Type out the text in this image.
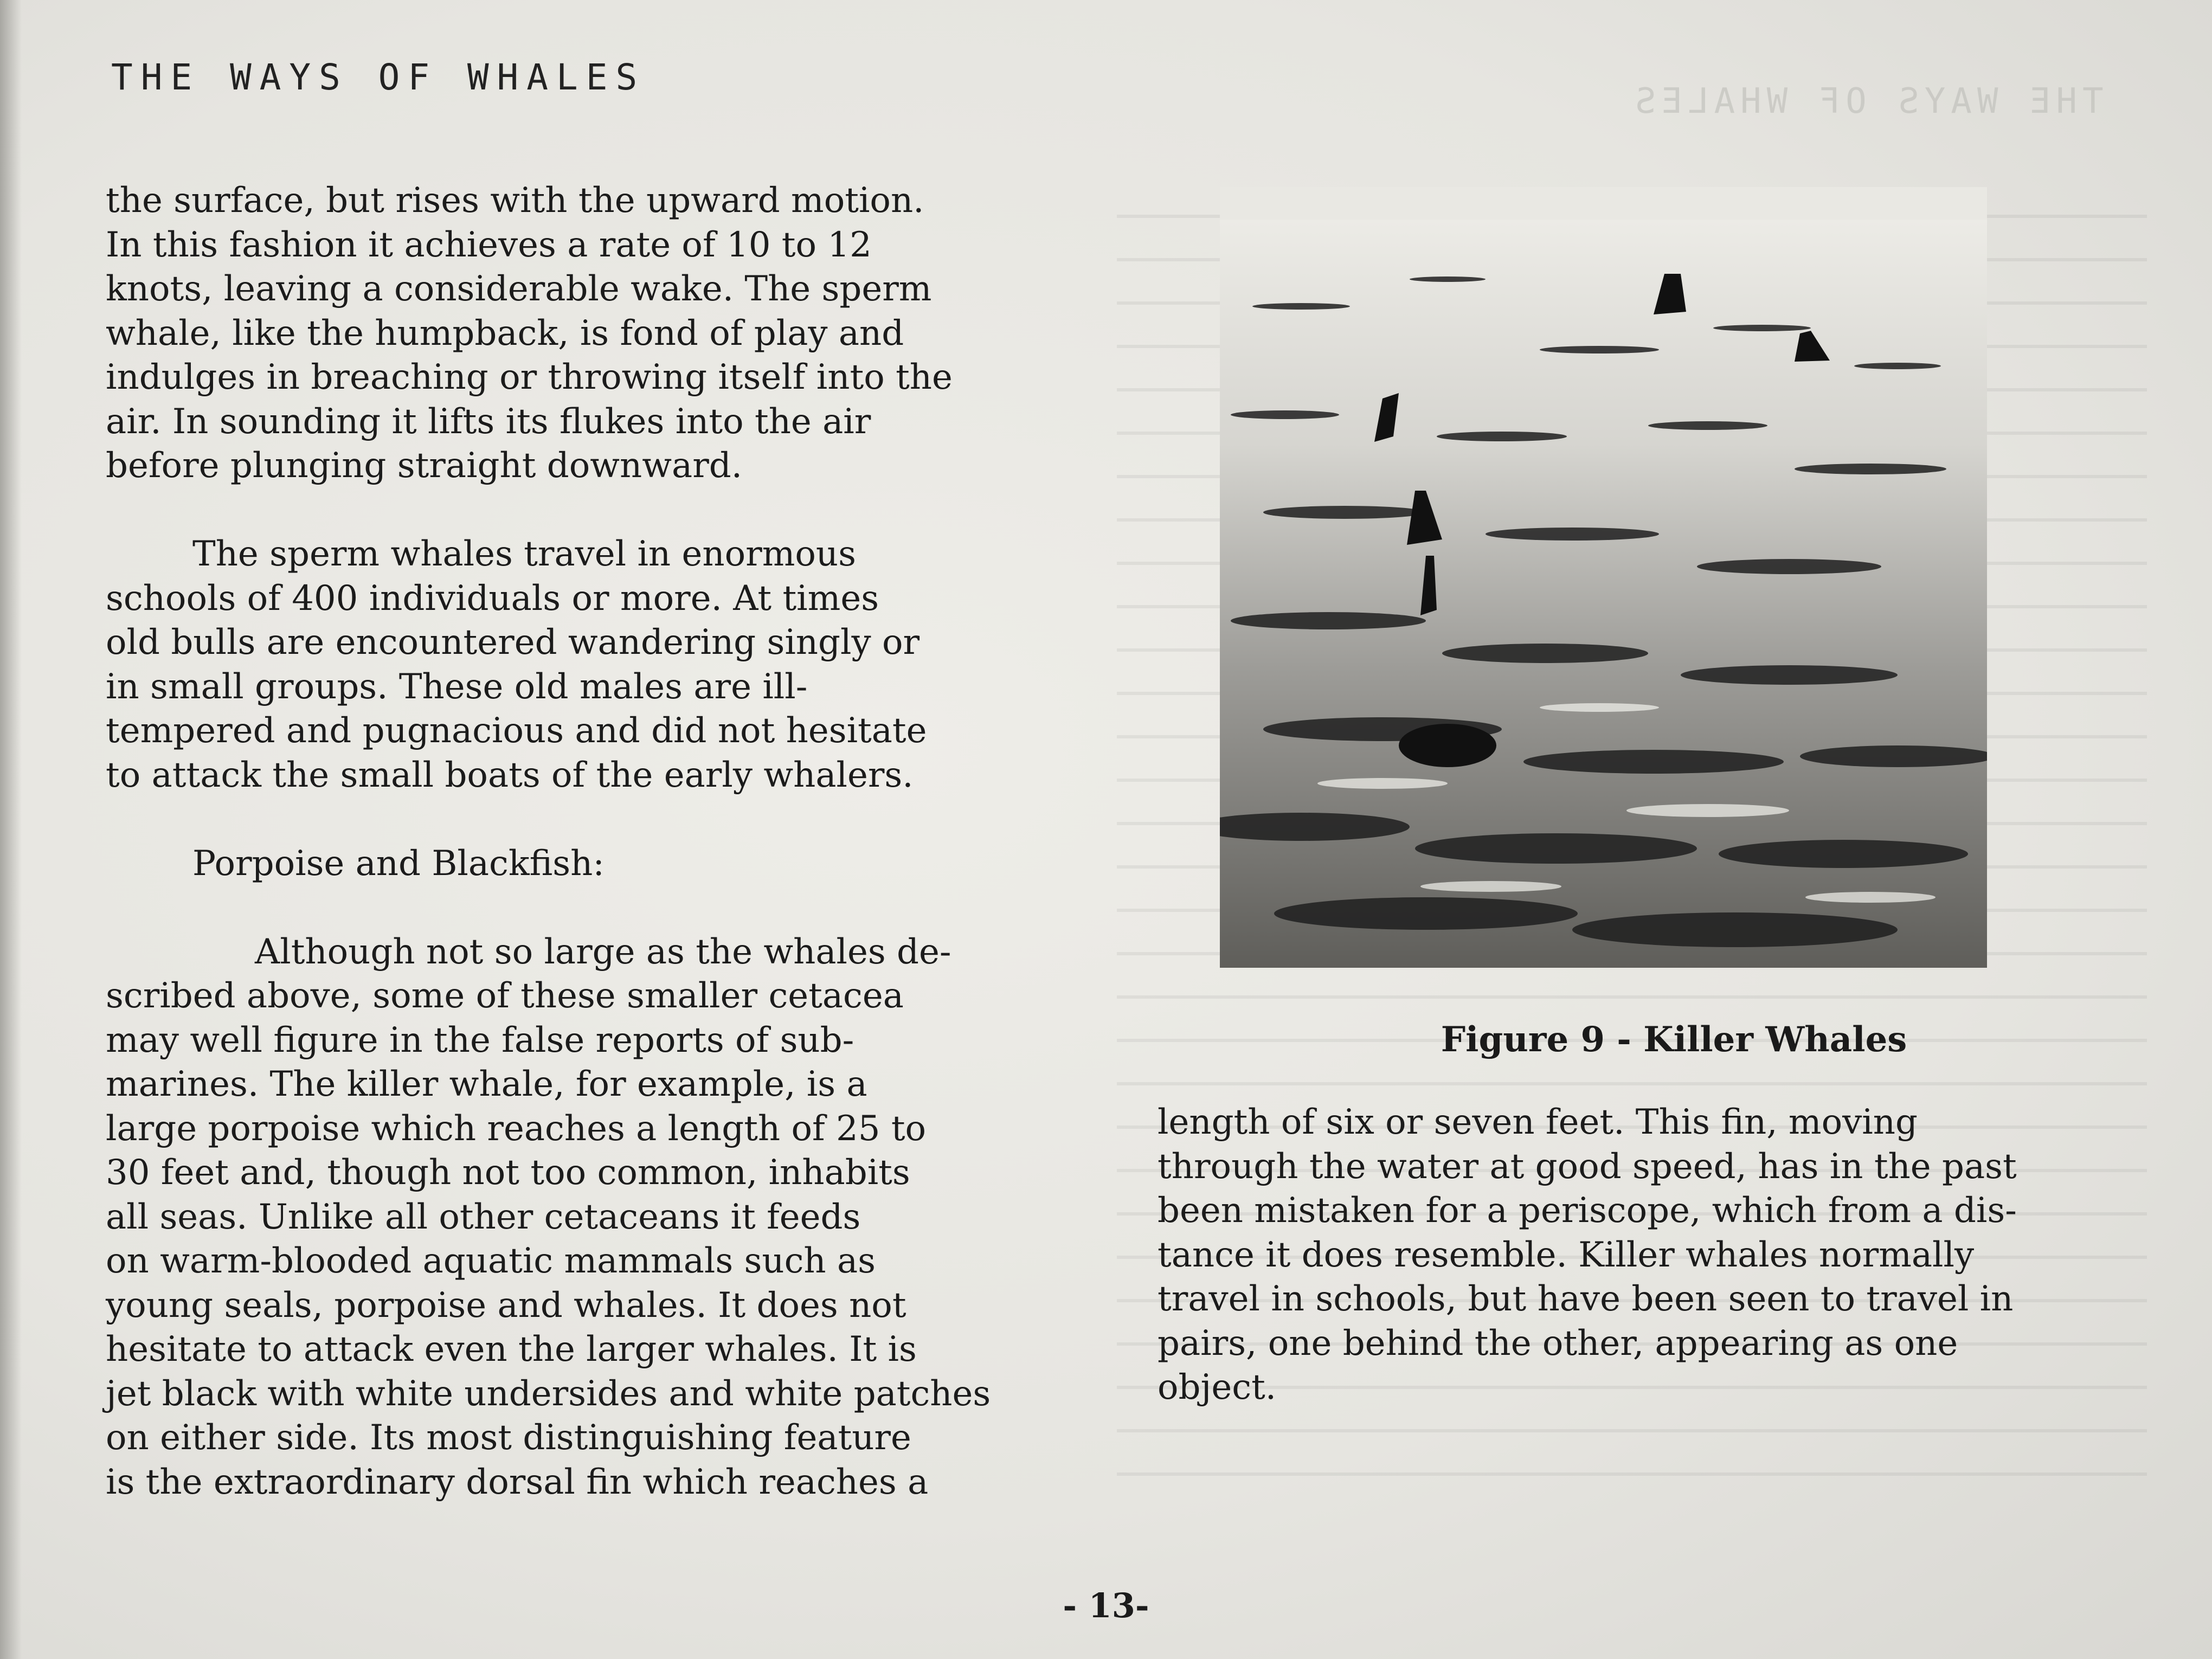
THE WAYS OF WHALES
THE WAYS OF WHALES

the surface, but rises with the upward motion.
In this fashion it achieves a rate of 10 to 12
knots, leaving a considerable wake. The sperm
whale, like the humpback, is fond of play and
indulges in breaching or throwing itself into the
air. In sounding it lifts its flukes into the air
before plunging straight downward.

The sperm whales travel in enormous

schools of 400 individuals or more. At times
old bulls are encountered wandering singly or
in small groups. These old males are ill-
tempered and pugnacious and did not hesitate
to attack the small boats of the early whalers.

Porpoise and Blackfish:

Although not so large as the whales de-

scribed above, some of these smaller cetacea
may well figure in the false reports of sub-
marines. The killer whale, for example, is a
large porpoise which reaches a length of 25 to
30 feet and, though not too common, inhabits
all seas. Unlike all other cetaceans it feeds
on warm-blooded aquatic mammals such as
young seals, porpoise and whales. It does not
hesitate to attack even the larger whales. It is
jet black with white undersides and white patches
on either side. Its most distinguishing feature
is the extraordinary dorsal fin which reaches a

Figure 9 - Killer Whales

length of six or seven feet. This fin, moving
through the water at good speed, has in the past
been mistaken for a periscope, which from a dis-
tance it does resemble. Killer whales normally
travel in schools, but have been seen to travel in
pairs, one behind the other, appearing as one
object.

- 13-
